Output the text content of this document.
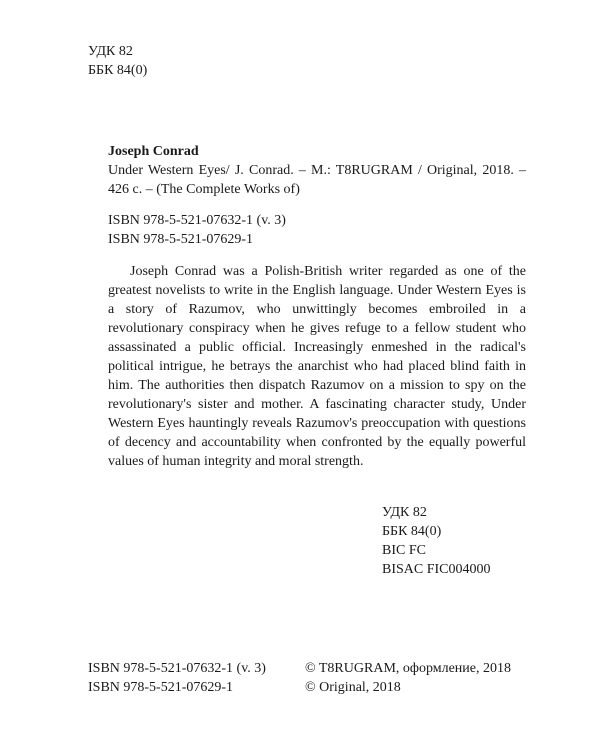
УДК 82
ББК 84(0)
Joseph Conrad
Under Western Eyes/ J. Conrad. – M.: T8RUGRAM / Original, 2018. – 426 с. – (The Complete Works of)
ISBN 978-5-521-07632-1 (v. 3)
ISBN 978-5-521-07629-1

Joseph Conrad was a Polish-British writer regarded as one of the greatest novelists to write in the English language. Under Western Eyes is a story of Razumov, who unwittingly becomes embroiled in a revolutionary conspiracy when he gives refuge to a fellow student who assassinated a public official. Increasingly enmeshed in the radical's political intrigue, he betrays the anarchist who had placed blind faith in him. The authorities then dispatch Razumov on a mission to spy on the revolutionary's sister and mother. A fascinating character study, Under Western Eyes hauntingly reveals Razumov's preoccupation with questions of decency and accountability when confronted by the equally powerful values of human integrity and moral strength.

УДК 82
ББК 84(0)
BIC FC
BISAC FIC004000
ISBN 978-5-521-07632-1 (v. 3)
ISBN 978-5-521-07629-1
© T8RUGRAM, оформление, 2018
© Original, 2018
